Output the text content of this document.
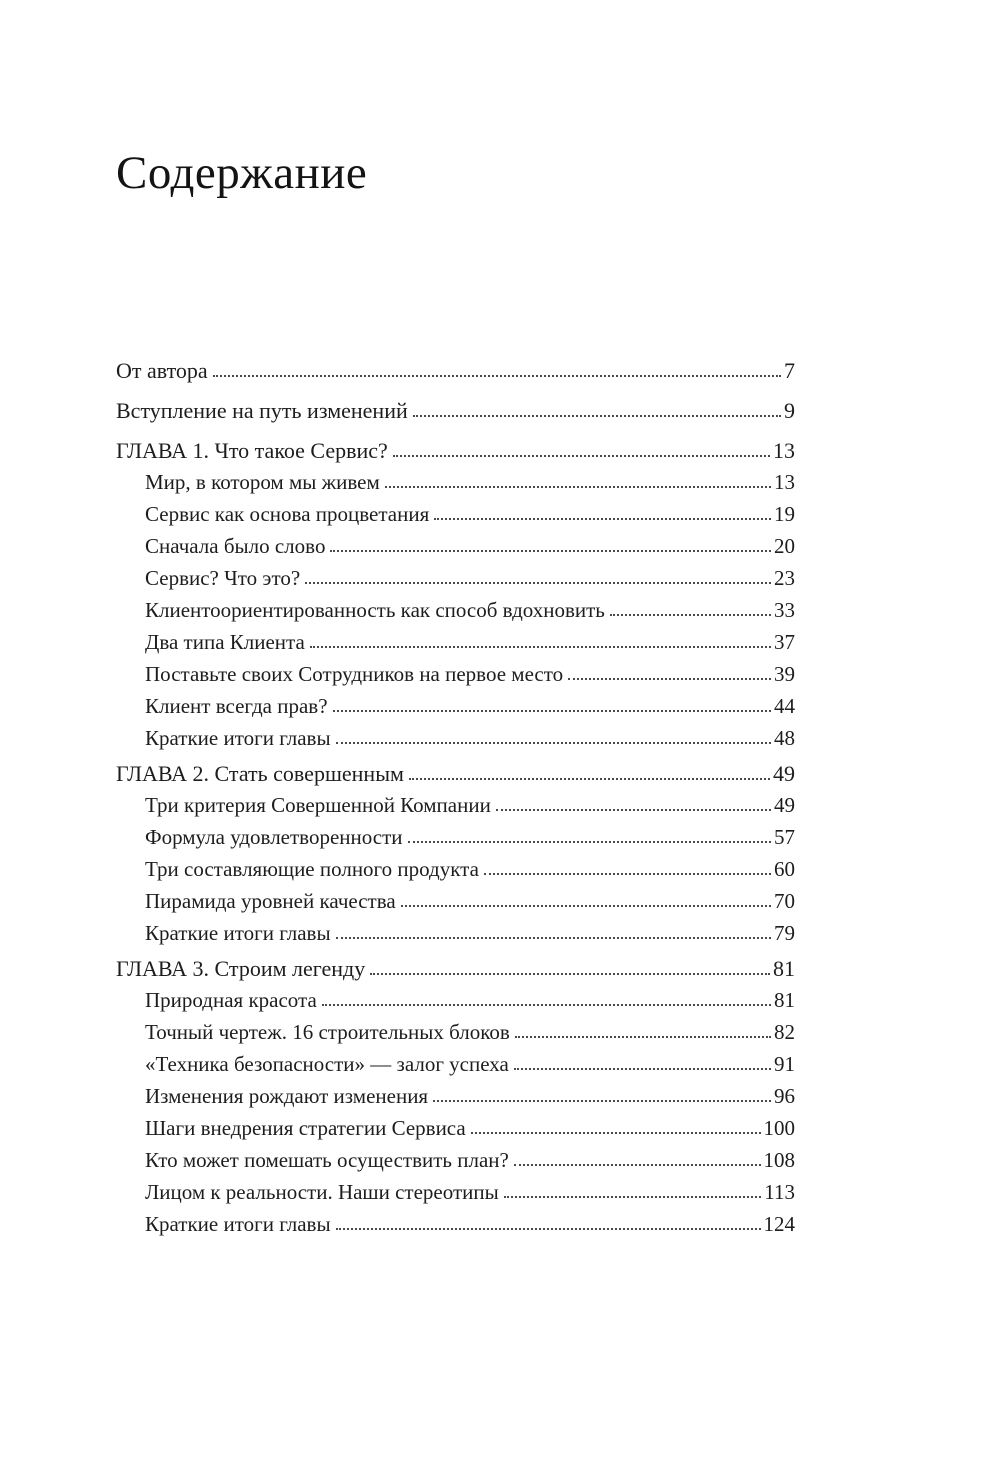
Содержание
От автора	7
Вступление на путь изменений	9
ГЛАВА 1. Что такое Сервис?	13
Мир, в котором мы живем	13
Сервис как основа процветания	19
Сначала было слово	20
Сервис? Что это?	23
Клиентоориентированность как способ вдохновить	33
Два типа Клиента	37
Поставьте своих Сотрудников на первое место	39
Клиент всегда прав?	44
Краткие итоги главы	48
ГЛАВА 2. Стать совершенным	49
Три критерия Совершенной Компании	49
Формула удовлетворенности	57
Три составляющие полного продукта	60
Пирамида уровней качества	70
Краткие итоги главы	79
ГЛАВА 3. Строим легенду	81
Природная красота	81
Точный чертеж. 16 строительных блоков	82
«Техника безопасности» — залог успеха	91
Изменения рождают изменения	96
Шаги внедрения стратегии Сервиса	100
Кто может помешать осуществить план?	108
Лицом к реальности. Наши стереотипы	113
Краткие итоги главы	124
